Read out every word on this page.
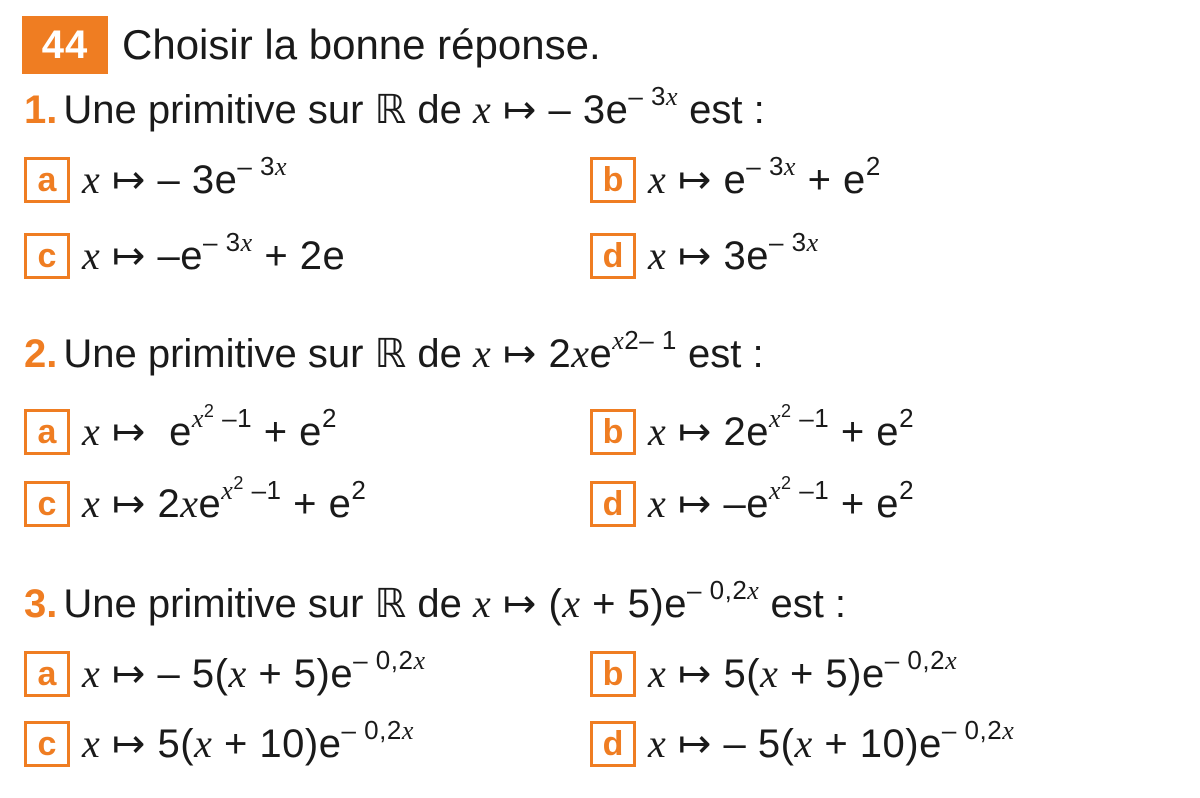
44 Choisir la bonne réponse.
1. Une primitive sur ℝ de x ↦ – $3e^{- 3x}$ est :
a x ↦ – $3e^{- 3x}$	b x ↦ $e^{- 3x} + e^2$
c x ↦ $-e^{- 3x} + 2e$	d x ↦ $3e^{- 3x}$
2. Une primitive sur ℝ de x ↦ $2xe^{x2- 1}$ est :
a x ↦  $e^{x^2 -1} + e^2$	b x ↦ $2e^{x^2 -1} + e^2$
c x ↦ $2xe^{x^2 -1} + e^2$	d x ↦ $-e^{x^2 -1} + e^2$
3. Une primitive sur ℝ de x ↦ $(x + 5)e^{- 0,2x}$ est :
a x ↦ – $5(x + 5)e^{- 0,2x}$	b x ↦ $5(x + 5)e^{- 0,2x}$
c x ↦ $5(x + 10)e^{- 0,2x}$	d x ↦ – $5(x + 10)e^{- 0,2x}$
